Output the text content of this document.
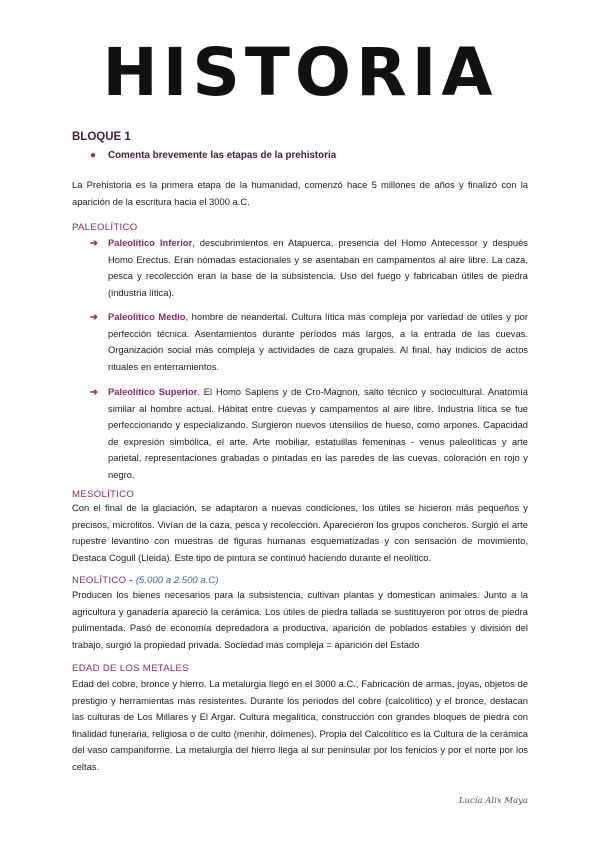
HISTORIA
BLOQUE 1
● Comenta brevemente las etapas de la prehistoria
La Prehistoria es la primera etapa de la humanidad, comenzó hace 5 millones de años y finalizó con la aparición de la escritura hacia el 3000 a.C.
PALEOLÍTICO
➔	Paleolítico Inferior, descubrimientos en Atapuerca, presencia del Homo Antecessor y después Homo Erectus. Eran nómadas estacionales y se asentaban en campamentos al aire libre. La caza, pesca y recolección eran la base de la subsistencia. Uso del fuego y fabricaban útiles de piedra (industria lítica).
➔	Paleolítico Medio, hombre de neandertal. Cultura lítica más compleja por variedad de útiles y por perfección técnica. Asentamientos durante períodos más largos, a la entrada de las cuevas. Organización social más compleja y actividades de caza grupales. Al final, hay indicios de actos rituales en enterramientos.
➔	Paleolítico Superior. El Homo Sapiens y de Cro-Magnon, salto técnico y sociocultural. Anatomía similar al hombre actual. Hábitat entre cuevas y campamentos al aire libre. Industria lítica se fue perfeccionando y especializando. Surgieron nuevos utensilios de hueso, como arpones. Capacidad de expresión simbólica, el arte. Arte mobiliar, estatuillas femeninas - venus paleolíticas y arte parietal, representaciones grabadas o pintadas en las paredes de las cuevas, coloración en rojo y negro.
MESOLÍTICO
Con el final de la glaciación, se adaptaron a nuevas condiciones, los útiles se hicieron más pequeños y precisos, microlitos. Vivían de la caza, pesca y recolección. Aparecieron los grupos concheros. Surgió el arte rupestre levantino con muestras de figuras humanas esquematizadas y con sensación de movimiento, Destaca Cogull (Lleida). Este tipo de pintura se continuó haciendo durante el neolítico.
NEOLÍTICO - (5.000 a 2.500 a.C)
Producen los bienes necesarios para la subsistencia, cultivan plantas y domestican animales. Junto a la agricultura y ganadería apareció la cerámica. Los útiles de piedra tallada se sustituyeron por otros de piedra pulimentada. Pasó de economía depredadora a productiva, aparición de poblados estables y división del trabajo, surgió la propiedad privada. Sociedad más compleja = aparición del Estado
EDAD DE LOS METALES
Edad del cobre, bronce y hierro. La metalurgia llegó en el 3000 a.C., Fabricación de armas, joyas, objetos de prestigio y herramientas más resistentes. Durante los periodos del cobre (calcolítico) y el bronce, destacan las culturas de Los Millares y El Argar. Cultura megalítica, construcción con grandes bloques de piedra con finalidad funeraria, religiosa o de culto (menhir, dólmenes). Propia del Calcolítico es la Cultura de la cerámica del vaso campaniforme. La metalurgia del hierro llega al sur peninsular por los fenicios y por el norte por los celtas.
Lucía Alix Maya
